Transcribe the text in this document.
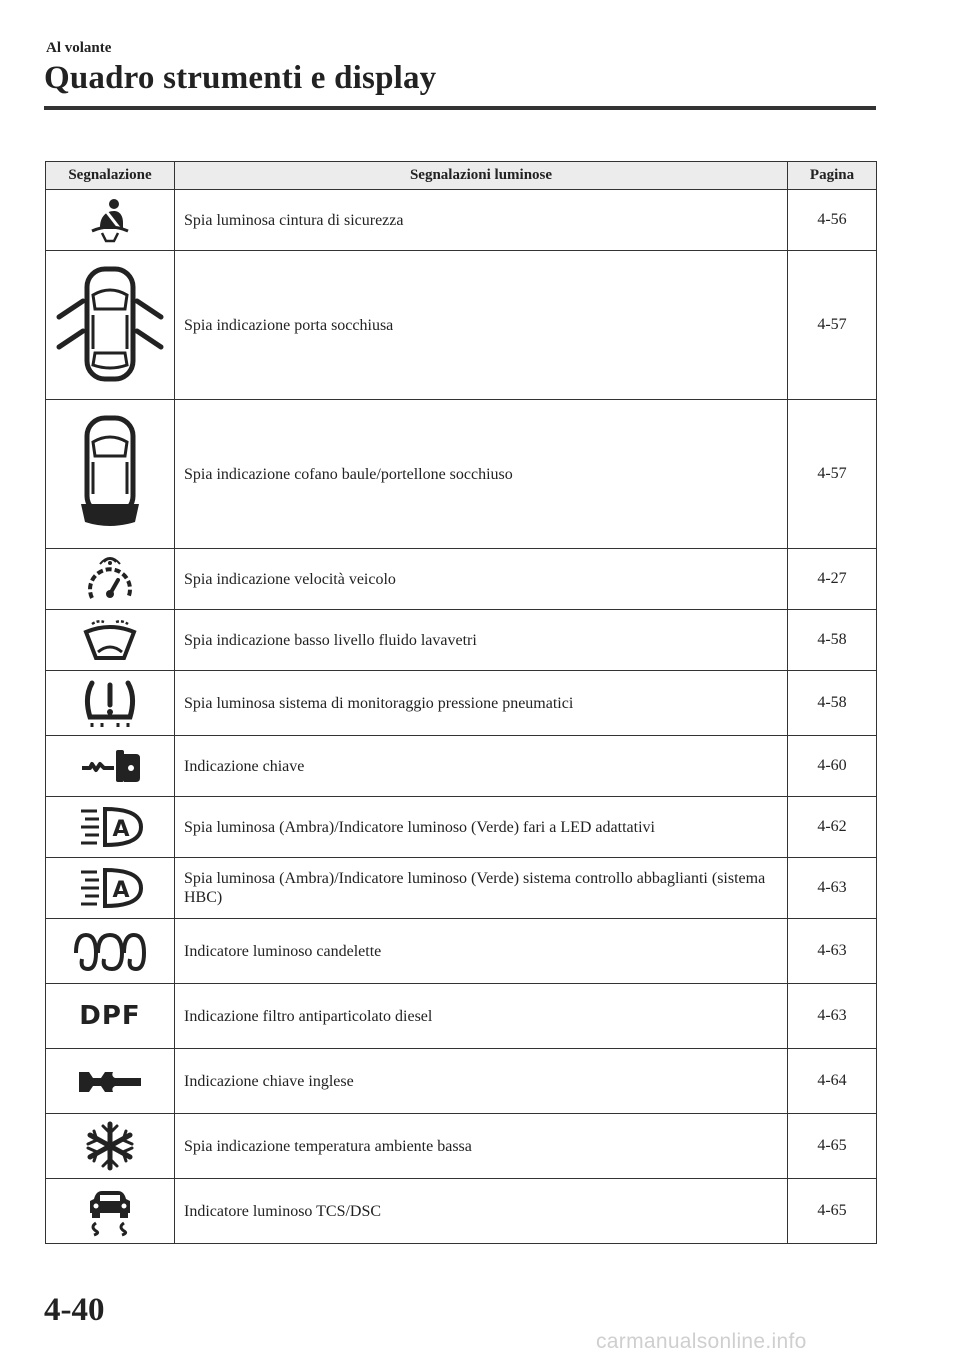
Al volante
Quadro strumenti e display
Segnalazione	Segnalazioni luminose	Pagina

	Spia luminosa cintura di sicurezza	4-56

	Spia indicazione porta socchiusa	4-57

	Spia indicazione cofano baule/portellone socchiuso	4-57

	Spia indicazione velocità veicolo	4-27

	Spia indicazione basso livello fluido lavavetri	4-58

	Spia luminosa sistema di monitoraggio pressione pneumatici	4-58

	Indicazione chiave	4-60

A	Spia luminosa (Ambra)/Indicatore luminoso (Verde) fari a LED adattativi	4-62

A	Spia luminosa (Ambra)/Indicatore luminoso (Verde) sistema controllo abbaglianti (sistema HBC)	4-63

	Indicatore luminoso candelette	4-63
DPF	Indicazione filtro antiparticolato diesel	4-63

	Indicazione chiave inglese	4-64

	Spia indicazione temperatura ambiente bassa	4-65

	Indicatore luminoso TCS/DSC	4-65
4-40
carmanualsonline.info
